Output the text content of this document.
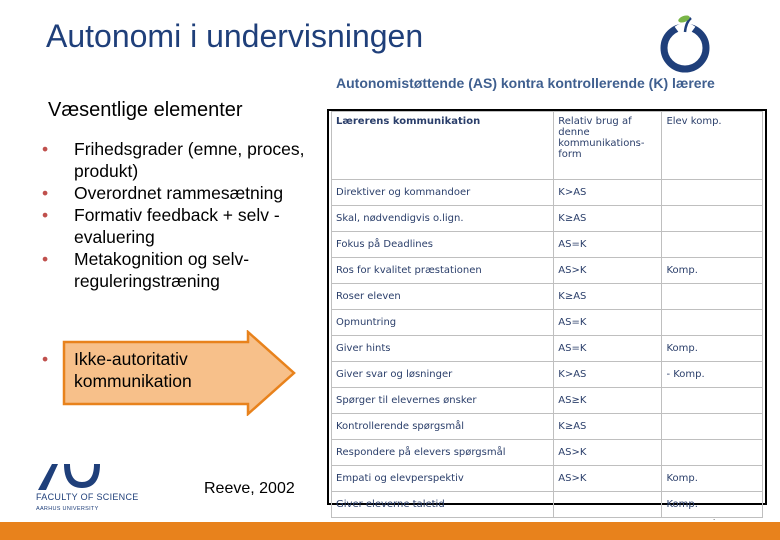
Autonomi i undervisningen
Væsentlige elementer
• Frihedsgrader (emne, proces, produkt)
• Overordnet rammesætning
• Formativ feedback + selv -evaluering
• Metakognition og selv-reguleringstræning
• Ikke-autoritativ kommunikation
FACULTY OF SCIENCE
AARHUS UNIVERSITY
Reeve, 2002
Autonomistøttende (AS) kontra kontrollerende (K) lærere
Lærerens kommunikation	Relativ brug af denne kommunikations-form	Elev komp.
Direktiver og kommandoer	K>AS	
Skal, nødvendigvis o.lign.	K≥AS	
Fokus på Deadlines	AS=K	
Ros for kvalitet præstationen	AS>K	Komp.
Roser eleven	K≥AS	
Opmuntring	AS=K	
Giver hints	AS=K	Komp.
Giver svar og løsninger	K>AS	- Komp.
Spørger til elevernes ønsker	AS≥K	
Kontrollerende spørgsmål	K≥AS	
Respondere på elevers spørgsmål	AS>K	
Empati og elevperspektiv	AS>K	Komp.
Giver eleverne taletid		Komp.
.
